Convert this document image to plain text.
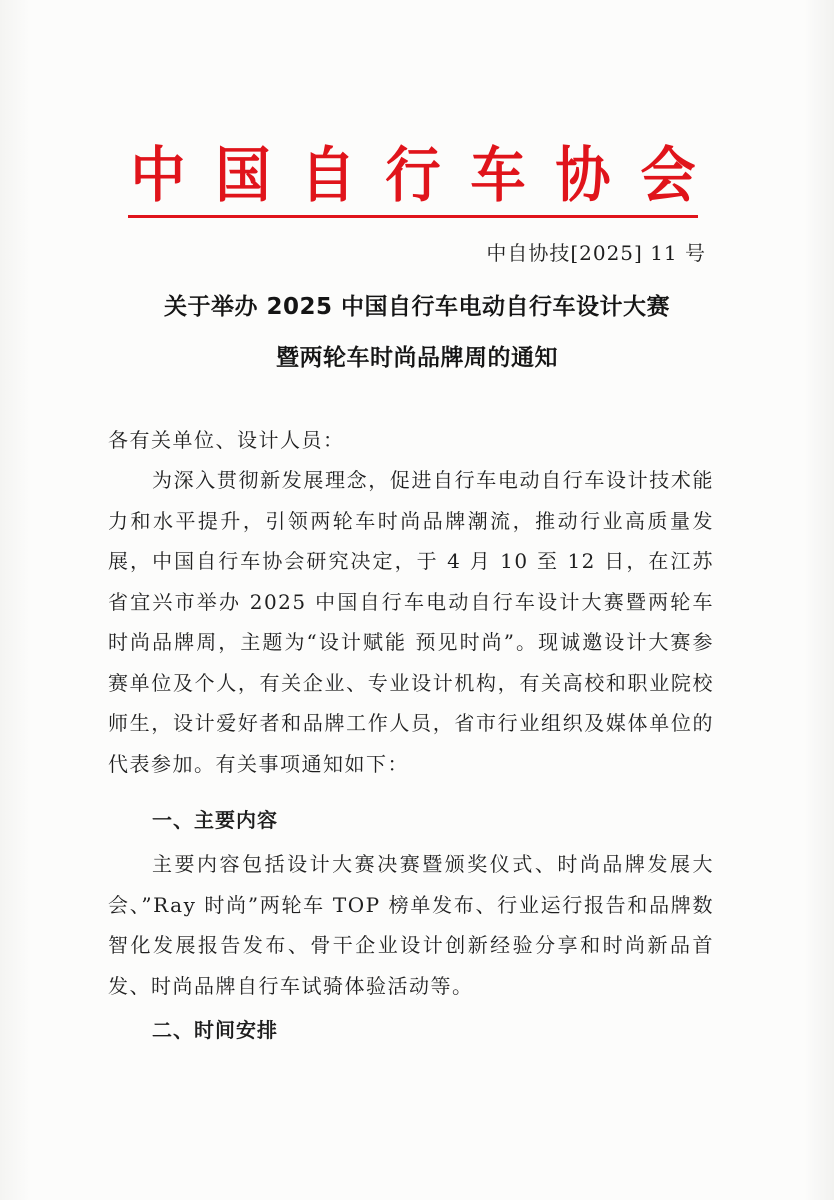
中 国 自 行 车 协 会
中自协技[2025] 11 号
关于举办 2025 中国自行车电动自行车设计大赛
暨两轮车时尚品牌周的通知
各有关单位、设计人员：
为深入贯彻新发展理念，促进自行车电动自行车设计技术能力和水平提升，引领两轮车时尚品牌潮流，推动行业高质量发展，中国自行车协会研究决定，于 4 月 10 至 12 日，在江苏省宜兴市举办 2025 中国自行车电动自行车设计大赛暨两轮车时尚品牌周，主题为“设计赋能 预见时尚”。现诚邀设计大赛参赛单位及个人，有关企业、专业设计机构，有关高校和职业院校师生，设计爱好者和品牌工作人员，省市行业组织及媒体单位的代表参加。有关事项通知如下：
一、主要内容
主要内容包括设计大赛决赛暨颁奖仪式、时尚品牌发展大会、”Ray 时尚”两轮车 TOP 榜单发布、行业运行报告和品牌数智化发展报告发布、骨干企业设计创新经验分享和时尚新品首发、时尚品牌自行车试骑体验活动等。
二、时间安排
